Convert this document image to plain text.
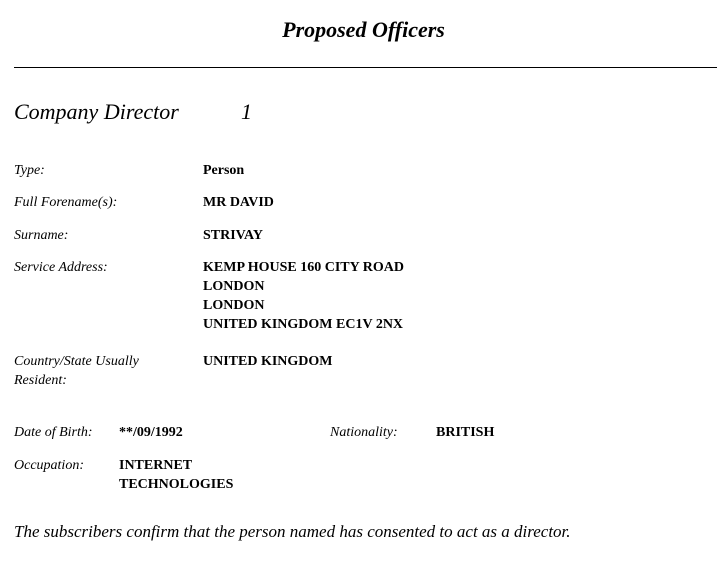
Proposed Officers
Company Director	1
Type:	Person
Full Forename(s):	MR DAVID
Surname:	STRIVAY
Service Address:	KEMP HOUSE 160 CITY ROAD
LONDON
LONDON
UNITED KINGDOM EC1V 2NX
Country/State Usually
Resident:
UNITED KINGDOM
Date of Birth: **/09/1992	Nationality:	BRITISH
Occupation:	INTERNET
TECHNOLOGIES
The subscribers confirm that the person named has consented to act as a director.
